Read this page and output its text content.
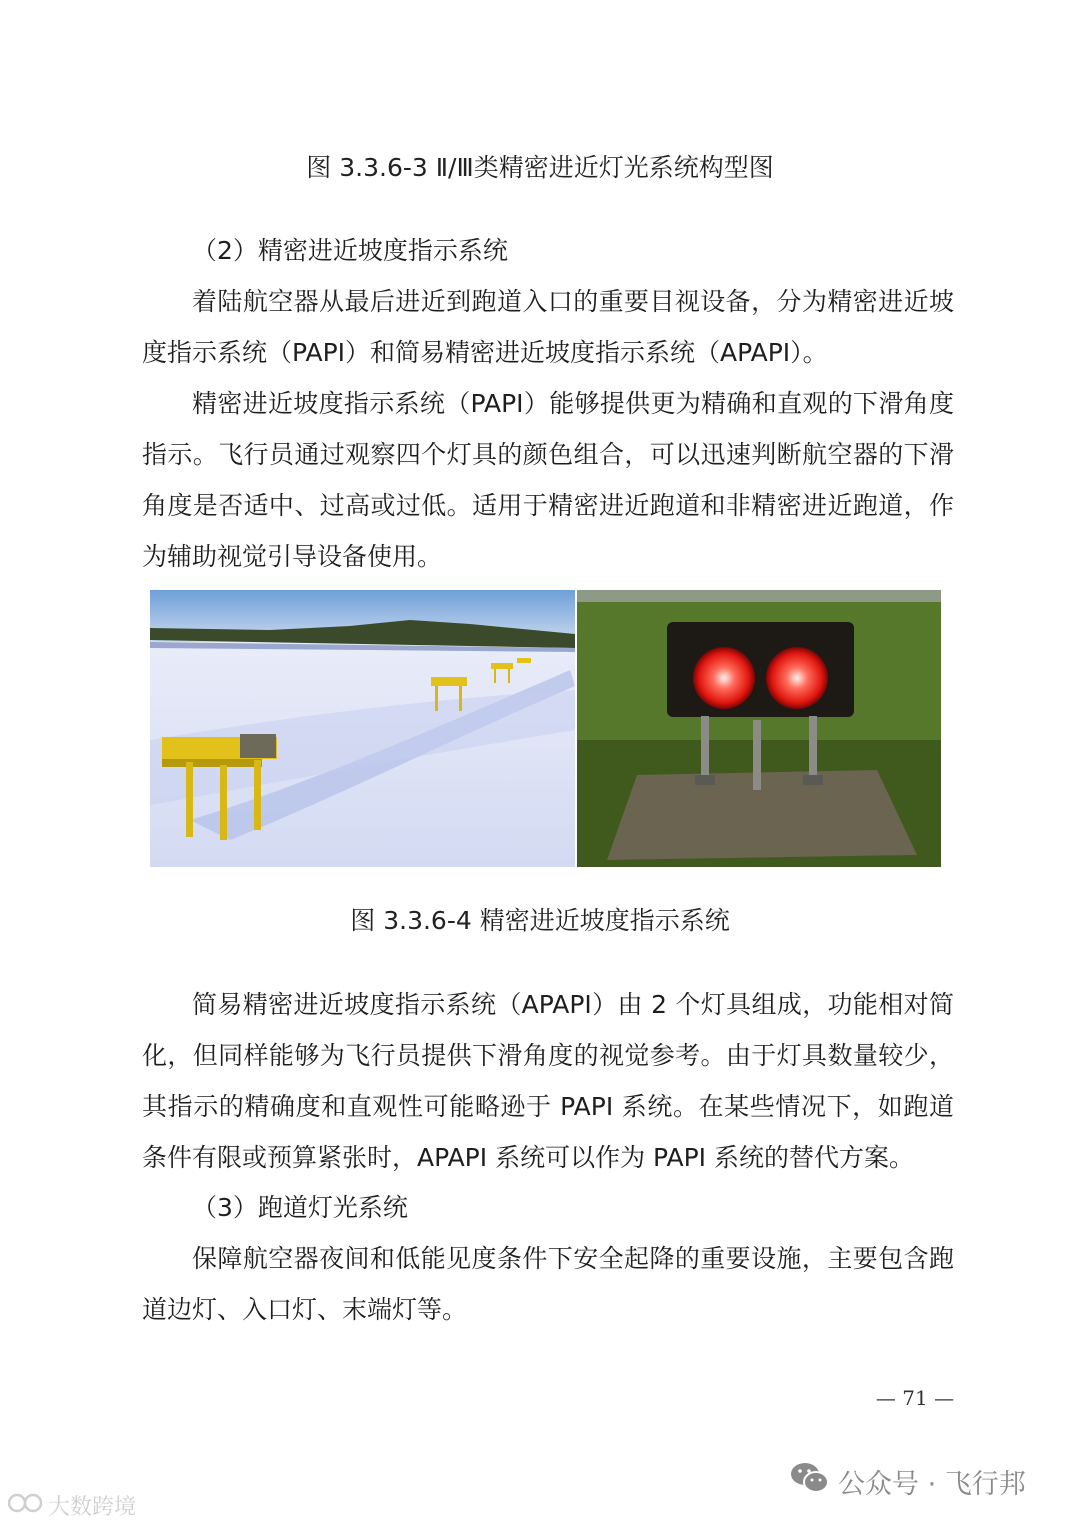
图 3.3.6-3 Ⅱ/Ⅲ类精密进近灯光系统构型图
（2）精密进近坡度指示系统

着陆航空器从最后进近到跑道入口的重要目视设备，分为精密进近坡度指示系统（PAPI）和简易精密进近坡度指示系统（APAPI）。

精密进近坡度指示系统（PAPI）能够提供更为精确和直观的下滑角度指示。飞行员通过观察四个灯具的颜色组合，可以迅速判断航空器的下滑角度是否适中、过高或过低。适用于精密进近跑道和非精密进近跑道，作为辅助视觉引导设备使用。

图 3.3.6-4 精密进近坡度指示系统

简易精密进近坡度指示系统（APAPI）由 2 个灯具组成，功能相对简化，但同样能够为飞行员提供下滑角度的视觉参考。由于灯具数量较少，其指示的精确度和直观性可能略逊于 PAPI 系统。在某些情况下，如跑道条件有限或预算紧张时，APAPI 系统可以作为 PAPI 系统的替代方案。

（3）跑道灯光系统

保障航空器夜间和低能见度条件下安全起降的重要设施，主要包含跑道边灯、入口灯、末端灯等。

— 71 —
大数跨境
公众号 · 飞行邦
